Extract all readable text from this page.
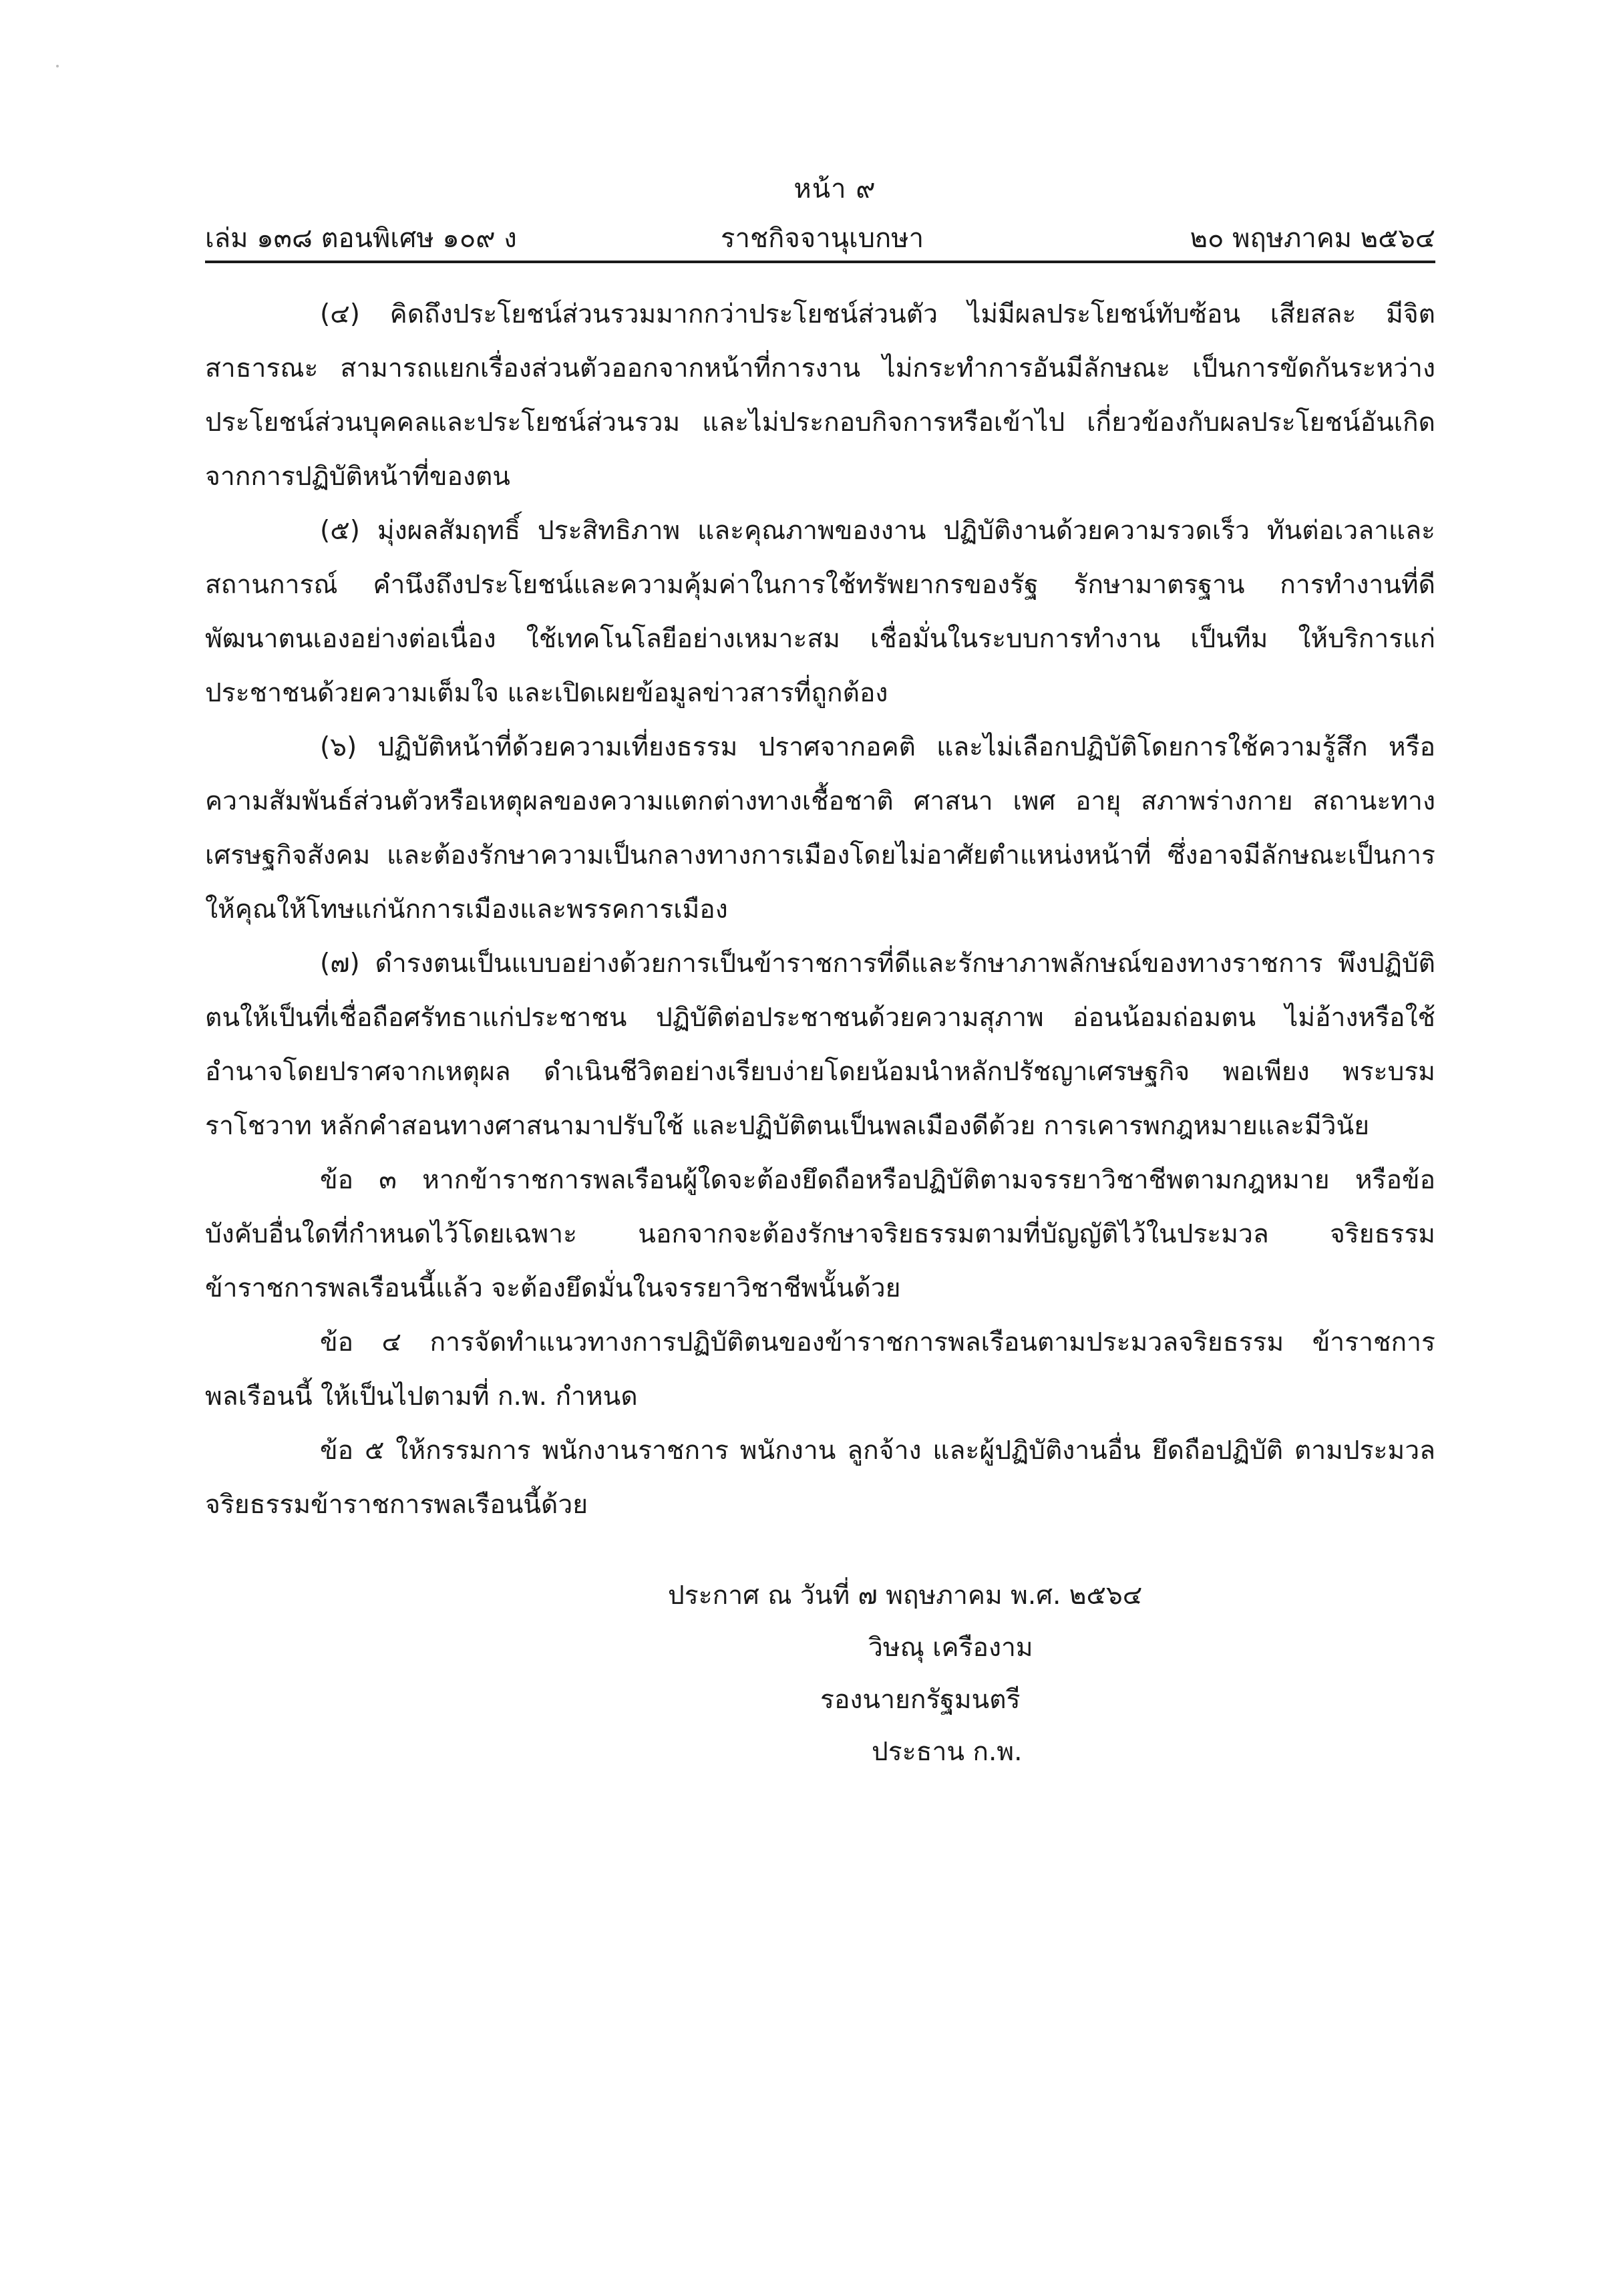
หน้า ๙
เล่ม ๑๓๘ ตอนพิเศษ ๑๐๙ ง	ราชกิจจานุเบกษา	๒๐ พฤษภาคม ๒๕๖๔

(๔) คิดถึงประโยชน์ส่วนรวมมากกว่าประโยชน์ส่วนตัว ไม่มีผลประโยชน์ทับซ้อน เสียสละ มีจิตสาธารณะ สามารถแยกเรื่องส่วนตัวออกจากหน้าที่การงาน ไม่กระทำการอันมีลักษณะ เป็นการขัดกันระหว่างประโยชน์ส่วนบุคคลและประโยชน์ส่วนรวม และไม่ประกอบกิจการหรือเข้าไป เกี่ยวข้องกับผลประโยชน์อันเกิดจากการปฏิบัติหน้าที่ของตน

(๕) มุ่งผลสัมฤทธิ์ ประสิทธิภาพ และคุณภาพของงาน ปฏิบัติงานด้วยความรวดเร็ว ทันต่อเวลาและสถานการณ์ คำนึงถึงประโยชน์และความคุ้มค่าในการใช้ทรัพยากรของรัฐ รักษามาตรฐาน การทำงานที่ดี พัฒนาตนเองอย่างต่อเนื่อง ใช้เทคโนโลยีอย่างเหมาะสม เชื่อมั่นในระบบการทำงาน เป็นทีม ให้บริการแก่ประชาชนด้วยความเต็มใจ และเปิดเผยข้อมูลข่าวสารที่ถูกต้อง

(๖) ปฏิบัติหน้าที่ด้วยความเที่ยงธรรม ปราศจากอคติ และไม่เลือกปฏิบัติโดยการใช้ความรู้สึก หรือความสัมพันธ์ส่วนตัวหรือเหตุผลของความแตกต่างทางเชื้อชาติ ศาสนา เพศ อายุ สภาพร่างกาย สถานะทางเศรษฐกิจสังคม และต้องรักษาความเป็นกลางทางการเมืองโดยไม่อาศัยตำแหน่งหน้าที่ ซึ่งอาจมีลักษณะเป็นการให้คุณให้โทษแก่นักการเมืองและพรรคการเมือง

(๗) ดำรงตนเป็นแบบอย่างด้วยการเป็นข้าราชการที่ดีและรักษาภาพลักษณ์ของทางราชการ พึงปฏิบัติตนให้เป็นที่เชื่อถือศรัทธาแก่ประชาชน ปฏิบัติต่อประชาชนด้วยความสุภาพ อ่อนน้อมถ่อมตน ไม่อ้างหรือใช้อำนาจโดยปราศจากเหตุผล ดำเนินชีวิตอย่างเรียบง่ายโดยน้อมนำหลักปรัชญาเศรษฐกิจ พอเพียง พระบรมราโชวาท หลักคำสอนทางศาสนามาปรับใช้ และปฏิบัติตนเป็นพลเมืองดีด้วย การเคารพกฎหมายและมีวินัย

ข้อ ๓ หากข้าราชการพลเรือนผู้ใดจะต้องยึดถือหรือปฏิบัติตามจรรยาวิชาชีพตามกฎหมาย หรือข้อบังคับอื่นใดที่กำหนดไว้โดยเฉพาะ นอกจากจะต้องรักษาจริยธรรมตามที่บัญญัติไว้ในประมวล จริยธรรมข้าราชการพลเรือนนี้แล้ว จะต้องยึดมั่นในจรรยาวิชาชีพนั้นด้วย

ข้อ ๔ การจัดทำแนวทางการปฏิบัติตนของข้าราชการพลเรือนตามประมวลจริยธรรม ข้าราชการพลเรือนนี้ ให้เป็นไปตามที่ ก.พ. กำหนด

ข้อ ๕ ให้กรรมการ พนักงานราชการ พนักงาน ลูกจ้าง และผู้ปฏิบัติงานอื่น ยึดถือปฏิบัติ ตามประมวลจริยธรรมข้าราชการพลเรือนนี้ด้วย

ประกาศ ณ วันที่ ๗ พฤษภาคม พ.ศ. ๒๕๖๔
วิษณุ เครืองาม
รองนายกรัฐมนตรี
ประธาน ก.พ.
